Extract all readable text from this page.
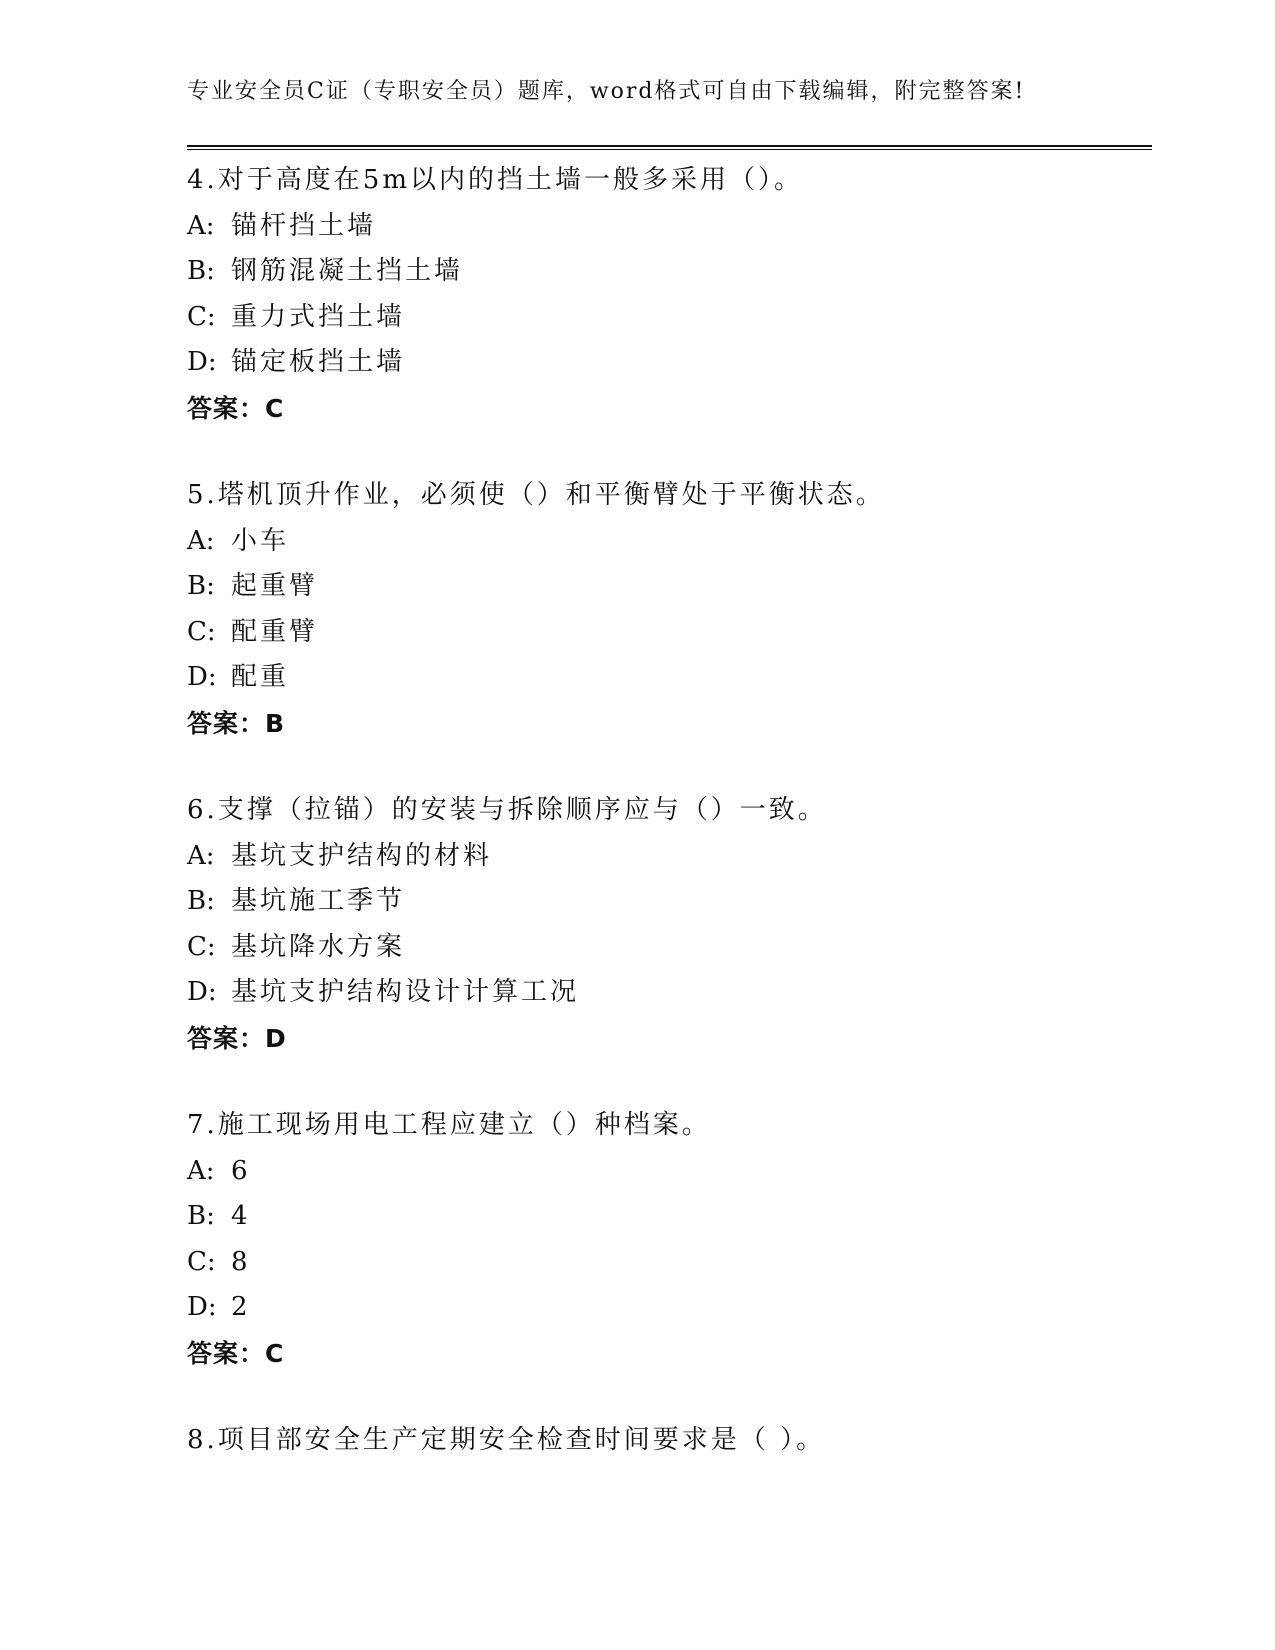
专业安全员C证（专职安全员）题库，word格式可自由下载编辑，附完整答案!
4.对于高度在5m以内的挡土墙一般多采用（）。
A: 锚杆挡土墙
B: 钢筋混凝土挡土墙
C: 重力式挡土墙
D: 锚定板挡土墙
答案：C
5.塔机顶升作业，必须使（）和平衡臂处于平衡状态。
A: 小车
B: 起重臂
C: 配重臂
D: 配重
答案：B
6.支撑（拉锚）的安装与拆除顺序应与（）一致。
A: 基坑支护结构的材料
B: 基坑施工季节
C: 基坑降水方案
D: 基坑支护结构设计计算工况
答案：D
7.施工现场用电工程应建立（）种档案。
A: 6
B: 4
C: 8
D: 2
答案：C
8.项目部安全生产定期安全检查时间要求是（ ）。
